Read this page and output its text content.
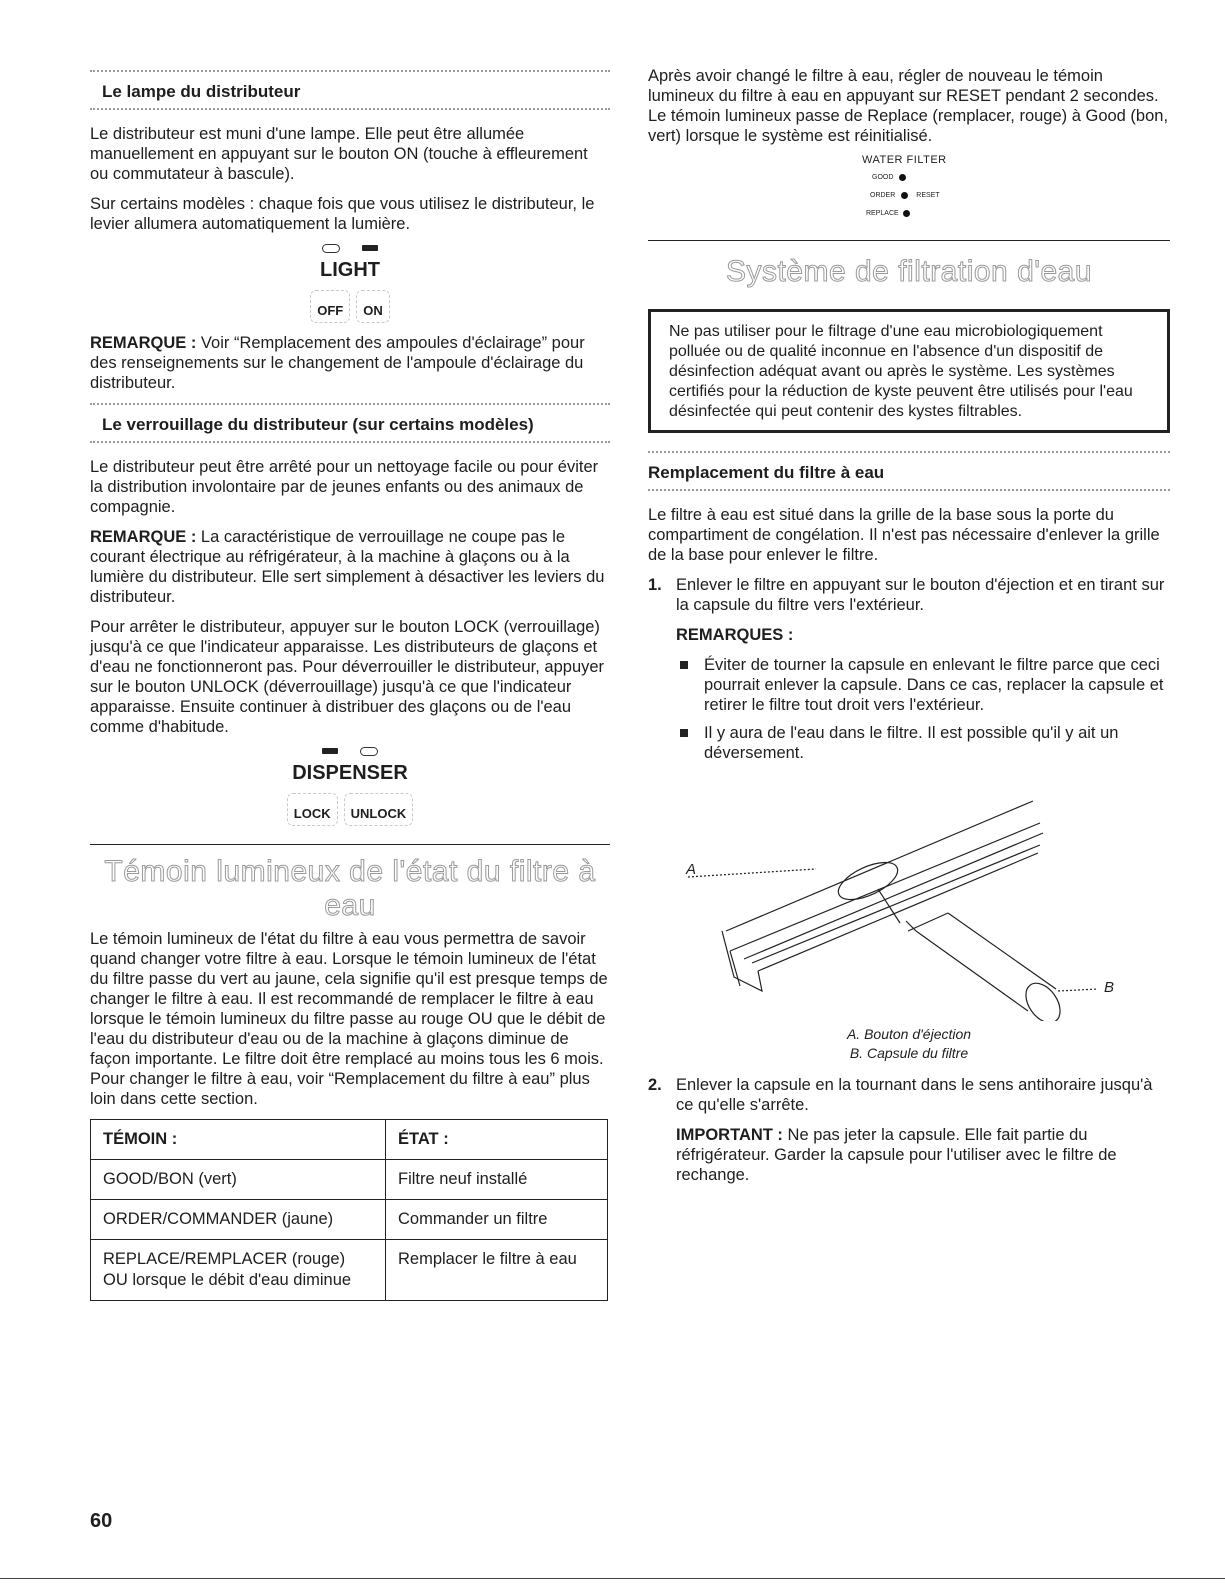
Le lampe du distributeur

Le distributeur est muni d'une lampe. Elle peut être allumée manuellement en appuyant sur le bouton ON (touche à effleurement ou commutateur à bascule).

Sur certains modèles : chaque fois que vous utilisez le distributeur, le levier allumera automatiquement la lumière.

LIGHT
OFF	ON

REMARQUE : Voir “Remplacement des ampoules d'éclairage” pour des renseignements sur le changement de l'ampoule d'éclairage du distributeur.

Le verrouillage du distributeur (sur certains modèles)

Le distributeur peut être arrêté pour un nettoyage facile ou pour éviter la distribution involontaire par de jeunes enfants ou des animaux de compagnie.

REMARQUE : La caractéristique de verrouillage ne coupe pas le courant électrique au réfrigérateur, à la machine à glaçons ou à la lumière du distributeur. Elle sert simplement à désactiver les leviers du distributeur.

Pour arrêter le distributeur, appuyer sur le bouton LOCK (verrouillage) jusqu'à ce que l'indicateur apparaisse. Les distributeurs de glaçons et d'eau ne fonctionneront pas. Pour déverrouiller le distributeur, appuyer sur le bouton UNLOCK (déverrouillage) jusqu'à ce que l'indicateur apparaisse. Ensuite continuer à distribuer des glaçons ou de l'eau comme d'habitude.

DISPENSER
LOCK	UNLOCK
Témoin lumineux de l'état du filtre à eau

Le témoin lumineux de l'état du filtre à eau vous permettra de savoir quand changer votre filtre à eau. Lorsque le témoin lumineux de l'état du filtre passe du vert au jaune, cela signifie qu'il est presque temps de changer le filtre à eau. Il est recommandé de remplacer le filtre à eau lorsque le témoin lumineux du filtre passe au rouge OU que le débit de l'eau du distributeur d'eau ou de la machine à glaçons diminue de façon importante. Le filtre doit être remplacé au moins tous les 6 mois. Pour changer le filtre à eau, voir “Remplacement du filtre à eau” plus loin dans cette section.

TÉMOIN :	ÉTAT :
GOOD/BON (vert)	Filtre neuf installé
ORDER/COMMANDER (jaune)	Commander un filtre
REPLACE/REMPLACER (rouge)
OU lorsque le débit d'eau diminue	Remplacer le filtre à eau

Après avoir changé le filtre à eau, régler de nouveau le témoin lumineux du filtre à eau en appuyant sur RESET pendant 2 secondes. Le témoin lumineux passe de Replace (remplacer, rouge) à Good (bon, vert) lorsque le système est réinitialisé.

WATER FILTER
GOOD
ORDER	RESET
REPLACE
Système de filtration d'eau

Ne pas utiliser pour le filtrage d'une eau microbiologiquement polluée ou de qualité inconnue en l'absence d'un dispositif de désinfection adéquat avant ou après le système. Les systèmes certifiés pour la réduction de kyste peuvent être utilisés pour l'eau désinfectée qui peut contenir des kystes filtrables.

Remplacement du filtre à eau

Le filtre à eau est situé dans la grille de la base sous la porte du compartiment de congélation. Il n'est pas nécessaire d'enlever la grille de la base pour enlever le filtre.

1. Enlever le filtre en appuyant sur le bouton d'éjection et en tirant sur la capsule du filtre vers l'extérieur.

REMARQUES :

Éviter de tourner la capsule en enlevant le filtre parce que ceci pourrait enlever la capsule. Dans ce cas, replacer la capsule et retirer le filtre tout droit vers l'extérieur.

Il y aura de l'eau dans le filtre. Il est possible qu'il y ait un déversement.

A
B
A. Bouton d'éjection
B. Capsule du filtre
2. Enlever la capsule en la tournant dans le sens antihoraire jusqu'à ce qu'elle s'arrête.

IMPORTANT : Ne pas jeter la capsule. Elle fait partie du réfrigérateur. Garder la capsule pour l'utiliser avec le filtre de rechange.

60
